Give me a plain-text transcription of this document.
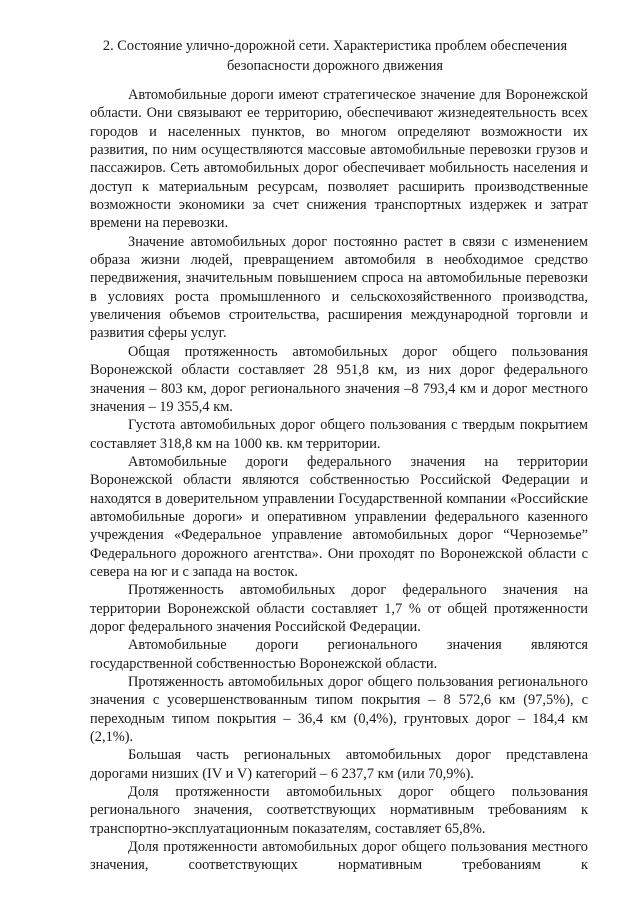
2. Состояние улично-дорожной сети. Характеристика проблем обеспечения
безопасности дорожного движения

Автомобильные дороги имеют стратегическое значение для Воронежской области. Они связывают ее территорию, обеспечивают жизнедеятельность всех городов и населенных пунктов, во многом определяют возможности их развития, по ним осуществляются массовые автомобильные перевозки грузов и пассажиров. Сеть автомобильных дорог обеспечивает мобильность населения и доступ к материальным ресурсам, позволяет расширить производственные возможности экономики за счет снижения транспортных издержек и затрат времени на перевозки.

Значение автомобильных дорог постоянно растет в связи с изменением образа жизни людей, превращением автомобиля в необходимое средство передвижения, значительным повышением спроса на автомобильные перевозки в условиях роста промышленного и сельскохозяйственного производства, увеличения объемов строительства, расширения международной торговли и развития сферы услуг.

Общая протяженность автомобильных дорог общего пользования Воронежской области составляет 28 951,8 км, из них дорог федерального значения – 803 км, дорог регионального значения –8 793,4 км и дорог местного значения – 19 355,4 км.

Густота автомобильных дорог общего пользования с твердым покрытием составляет 318,8 км на 1000 кв. км территории.

Автомобильные дороги федерального значения на территории Воронежской области являются собственностью Российской Федерации и находятся в доверительном управлении Государственной компании «Российские автомобильные дороги» и оперативном управлении федерального казенного учреждения «Федеральное управление автомобильных дорог “Черноземье” Федерального дорожного агентства». Они проходят по Воронежской области с севера на юг и с запада на восток.

Протяженность автомобильных дорог федерального значения на территории Воронежской области составляет 1,7 % от общей протяженности дорог федерального значения Российской Федерации.

Автомобильные дороги регионального значения являются государственной собственностью Воронежской области.

Протяженность автомобильных дорог общего пользования регионального значения с усовершенствованным типом покрытия – 8 572,6 км (97,5%), с переходным типом покрытия – 36,4 км (0,4%), грунтовых дорог – 184,4 км (2,1%).

Большая часть региональных автомобильных дорог представлена дорогами низших (IV и V) категорий – 6 237,7 км (или 70,9%).

Доля протяженности автомобильных дорог общего пользования регионального значения, соответствующих нормативным требованиям к транспортно-эксплуатационным показателям, составляет 65,8%.

Доля протяженности автомобильных дорог общего пользования местного значения, соответствующих нормативным требованиям к
